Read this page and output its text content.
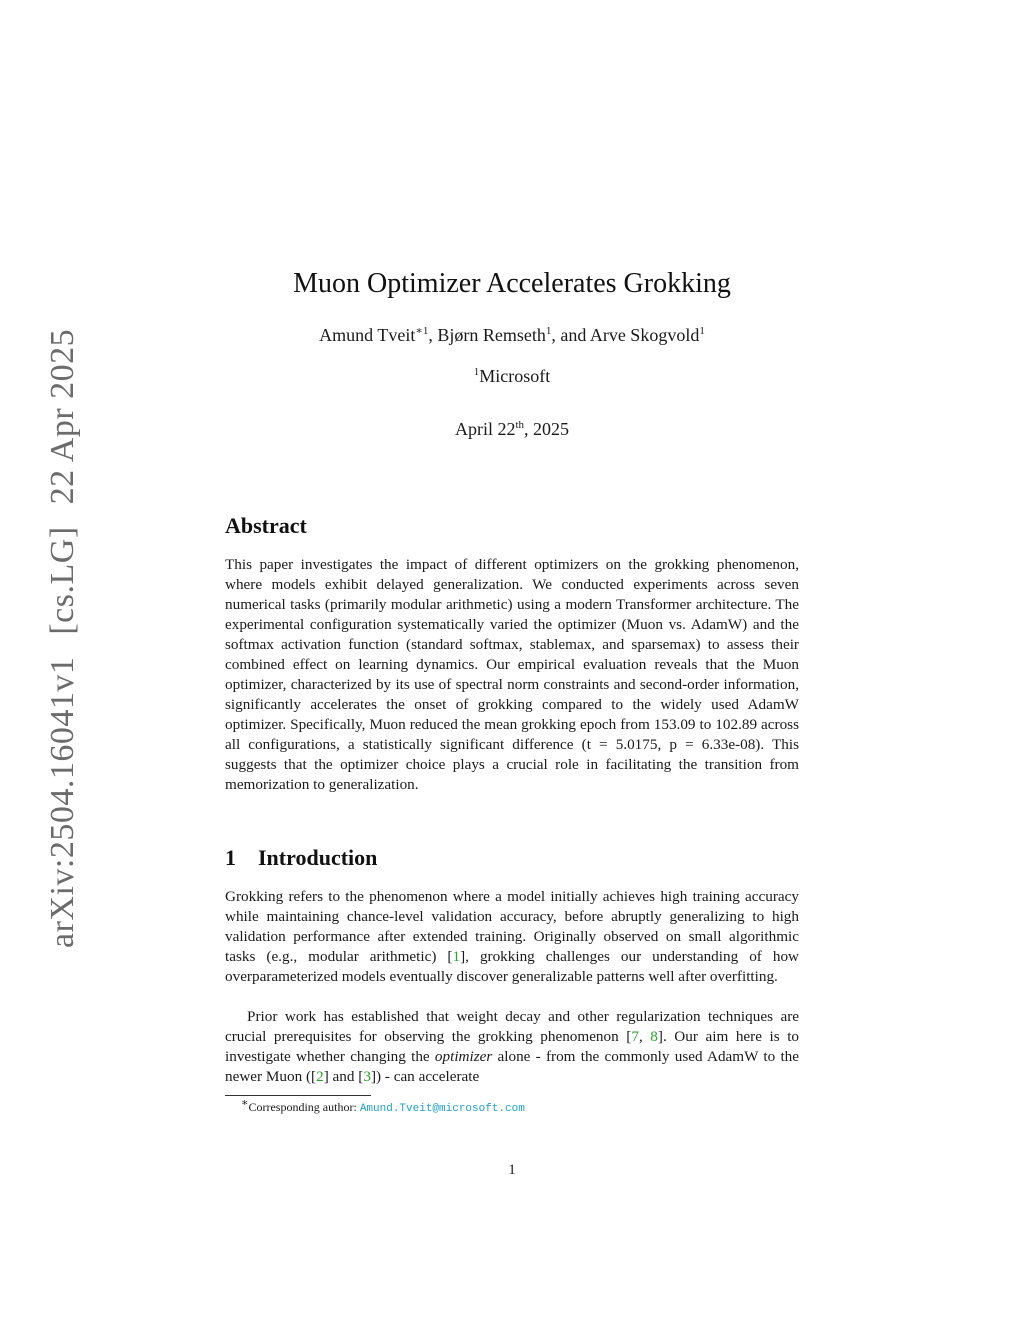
arXiv:2504.16041v1[cs.LG]22 Apr 2025
Muon Optimizer Accelerates Grokking
Amund Tveit$^{∗1}$, Bjørn Remseth$^1$, and Arve Skogvold$^1$
$^1$Microsoft
April 22th, 2025
Abstract
This paper investigates the impact of different optimizers on the grokking phenomenon, where models exhibit delayed generalization. We conducted experiments across seven numerical tasks (primarily modular arithmetic) using a modern Transformer architecture. The experimental configuration systematically varied the optimizer (Muon vs. AdamW) and the softmax activation function (standard softmax, stablemax, and sparsemax) to assess their combined effect on learning dynamics. Our empirical evaluation reveals that the Muon optimizer, characterized by its use of spectral norm constraints and second-order information, significantly accelerates the onset of grokking compared to the widely used AdamW optimizer. Specifically, Muon reduced the mean grokking epoch from 153.09 to 102.89 across all configurations, a statistically significant difference (t = 5.0175, p = 6.33e-08). This suggests that the optimizer choice plays a crucial role in facilitating the transition from memorization to generalization.
1 Introduction
Grokking refers to the phenomenon where a model initially achieves high training accuracy while maintaining chance-level validation accuracy, before abruptly generalizing to high validation performance after extended training. Originally observed on small algorithmic tasks (e.g., modular arithmetic) [1], grokking challenges our understanding of how overparameterized models eventually discover generalizable patterns well after overfitting.
Prior work has established that weight decay and other regularization techniques are crucial prerequisites for observing the grokking phenomenon [7, 8]. Our aim here is to investigate whether changing the optimizer alone - from the commonly used AdamW to the newer Muon ([2] and [3]) - can accelerate
∗Corresponding author: Amund.Tveit@microsoft.com
1
